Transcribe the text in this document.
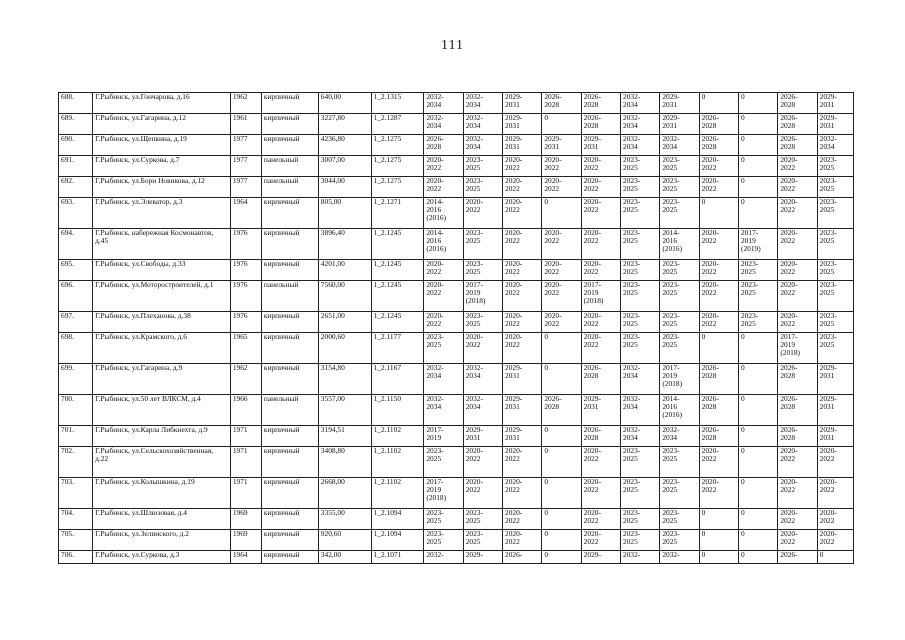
111
688.	Г.Рыбинск, ул.Гончарова, д.16	1962	кирпичный	640,00	1_2.1315	2032-
2034	2032-
2034	2029-
2031	2026-
2028	2026-
2028	2032-
2034	2029-
2031	0	0	2026-
2028	2029-
2031
689.	Г.Рыбинск, ул.Гагарина, д.12	1961	кирпичный	3227,80	1_2.1287	2032-
2034	2032-
2034	2029-
2031	0	2026-
2028	2032-
2034	2029-
2031	2026-
2028	0	2026-
2028	2029-
2031
690.	Г.Рыбинск, ул.Щепкина, д.19	1977	кирпичный	4236,80	1_2.1275	2026-
2028	2032-
2034	2029-
2031	2029-
2031	2029-
2031	2032-
2034	2032-
2034	2026-
2028	0	2026-
2028	2032-
2034
691.	Г.Рыбинск, ул.Суркова, д.7	1977	панельный	3007,00	1_2.1275	2020-
2022	2023-
2025	2020-
2022	2020-
2022	2020-
2022	2023-
2025	2023-
2025	2020-
2022	0	2020-
2022	2023-
2025
692.	Г.Рыбинск, ул.Бори Новикова, д.12	1977	панельный	3044,00	1_2.1275	2020-
2022	2023-
2025	2020-
2022	2020-
2022	2020-
2022	2023-
2025	2023-
2025	2020-
2022	0	2020-
2022	2023-
2025
693.	Г.Рыбинск, ул.Элеватор, д.3	1964	кирпичный	805,00	1_2.1271	2014-
2016
(2016)	2020-
2022	2020-
2022	0	2020-
2022	2023-
2025	2023-
2025	0	0	2020-
2022	2023-
2025
694.	Г.Рыбинск, набережная Космонавтов, д.45	1976	кирпичный	3896,40	1_2.1245	2014-
2016
(2016)	2023-
2025	2020-
2022	2020-
2022	2020-
2022	2023-
2025	2014-
2016
(2016)	2020-
2022	2017-
2019
(2019)	2020-
2022	2023-
2025
695.	Г.Рыбинск, ул.Свободы, д.33	1976	кирпичный	4201,00	1_2.1245	2020-
2022	2023-
2025	2020-
2022	2020-
2022	2020-
2022	2023-
2025	2023-
2025	2020-
2022	2023-
2025	2020-
2022	2023-
2025
696.	Г.Рыбинск, ул.Моторостроителей, д.1	1976	панельный	7560,00	1_2.1245	2020-
2022	2017-
2019
(2018)	2020-
2022	2020-
2022	2017-
2019
(2018)	2023-
2025	2023-
2025	2020-
2022	2023-
2025	2020-
2022	2023-
2025
697.	Г.Рыбинск, ул.Плеханова, д.38	1976	кирпичный	2651,00	1_2.1245	2020-
2022	2023-
2025	2020-
2022	2020-
2022	2020-
2022	2023-
2025	2023-
2025	2020-
2022	2023-
2025	2020-
2022	2023-
2025
698.	Г.Рыбинск, ул.Крамского, д.6	1965	кирпичный	2000,60	1_2.1177	2023-
2025	2020-
2022	2020-
2022	0	2020-
2022	2023-
2025	2023-
2025	0	0	2017-
2019
(2018)	2023-
2025
699.	Г.Рыбинск, ул.Гагарина, д.9	1962	кирпичный	3154,80	1_2.1167	2032-
2034	2032-
2034	2029-
2031	0	2026-
2028	2032-
2034	2017-
2019
(2018)	2026-
2028	0	2026-
2028	2029-
2031
700.	Г.Рыбинск, ул.50 лет ВЛКСМ, д.4	1966	панельный	3557,00	1_2.1150	2032-
2034	2032-
2034	2029-
2031	2026-
2028	2029-
2031	2032-
2034	2014-
2016
(2016)	2026-
2028	0	2026-
2028	2029-
2031
701.	Г.Рыбинск, ул.Карла Либкнехта, д.9	1971	кирпичный	3194,51	1_2.1102	2017-
2019	2029-
2031	2029-
2031	0	2026-
2028	2032-
2034	2032-
2034	2026-
2028	0	2026-
2028	2029-
2031
702.	Г.Рыбинск, ул.Сельскохозяйственная, д.22	1971	кирпичный	3408,80	1_2.1102	2023-
2025	2020-
2022	2020-
2022	0	2020-
2022	2023-
2025	2023-
2025	2020-
2022	0	2020-
2022	2020-
2022
703.	Г.Рыбинск, ул.Колышкина, д.19	1971	кирпичный	2668,00	1_2.1102	2017-
2019
(2018)	2020-
2022	2020-
2022	0	2020-
2022	2023-
2025	2023-
2025	2020-
2022	0	2020-
2022	2020-
2022
704.	Г.Рыбинск, ул.Шлюзовая, д.4	1969	кирпичный	3355,00	1_2.1094	2023-
2025	2023-
2025	2020-
2022	0	2020-
2022	2023-
2025	2023-
2025	0	0	2020-
2022	2020-
2022
705.	Г.Рыбинск, ул.Зелинского, д.2	1969	кирпичный	920,60	1_2.1094	2023-
2025	2023-
2025	2020-
2022	0	2020-
2022	2023-
2025	2023-
2025	0	0	2020-
2022	2020-
2022
706.	Г.Рыбинск, ул.Суркова, д.3	1964	кирпичный	342,00	1_2.1071	2032-	2029-	2026-	0	2029-	2032-	2032-	0	0	2026-	0
